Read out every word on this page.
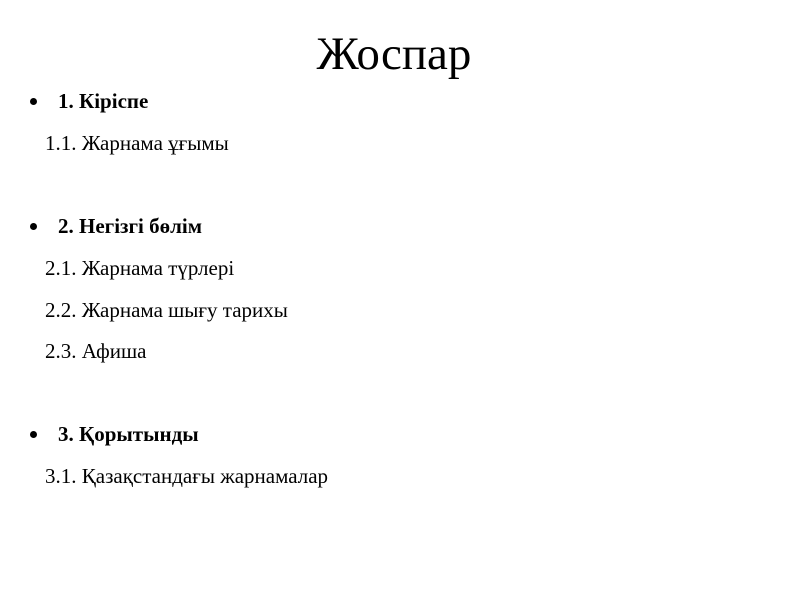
Жоспар
1. Кіріспе
1.1. Жарнама ұғымы
2. Негізгі бөлім
2.1. Жарнама түрлері
2.2. Жарнама шығу тарихы
2.3. Афиша
3. Қорытынды
3.1. Қазақстандағы жарнамалар
